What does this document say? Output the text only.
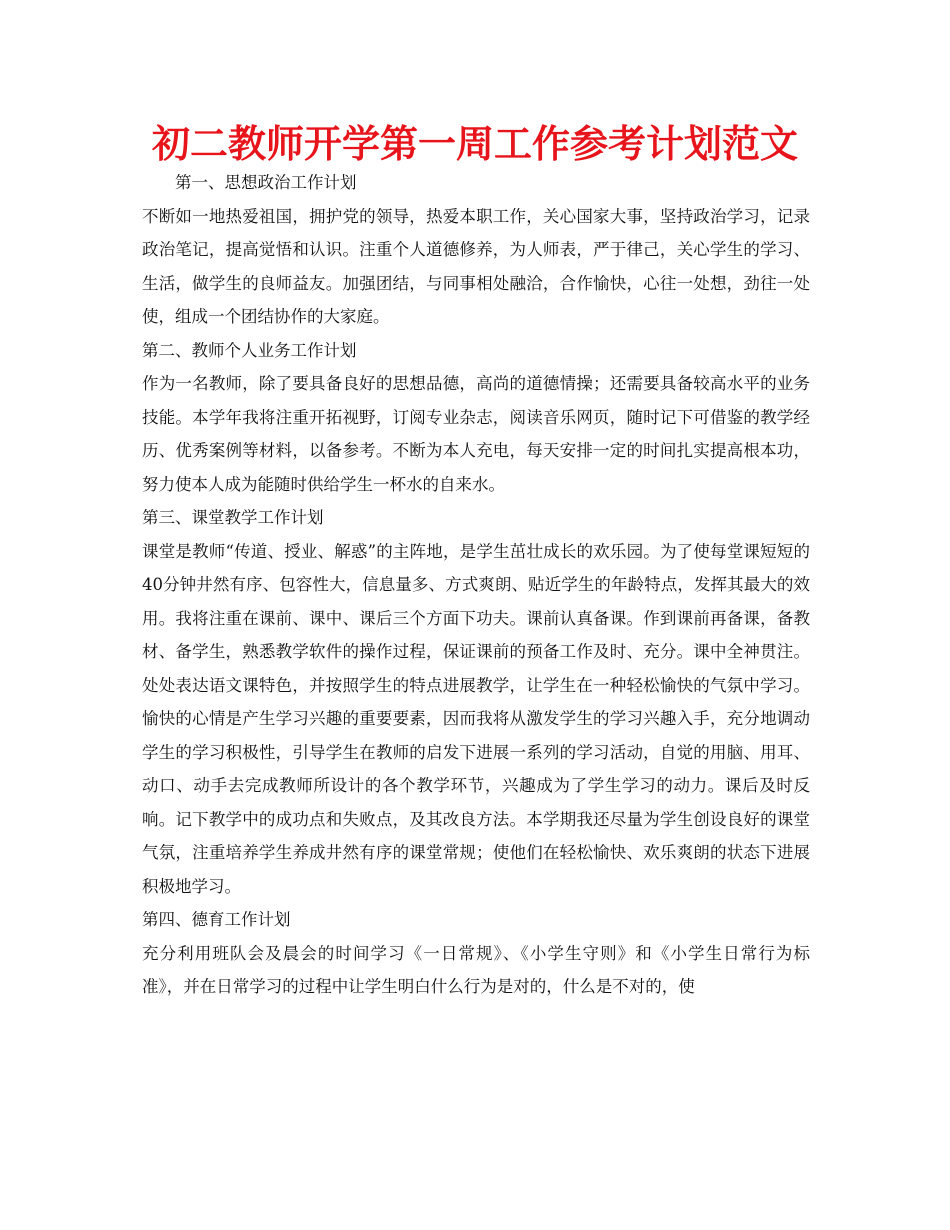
初二教师开学第一周工作参考计划范文

第一、思想政治工作计划

不断如一地热爱祖国，拥护党的领导，热爱本职工作，关心国家大事，坚持政治学习，记录政治笔记，提高觉悟和认识。注重个人道德修养，为人师表，严于律己，关心学生的学习、生活，做学生的良师益友。加强团结，与同事相处融洽，合作愉快，心往一处想，劲往一处使，组成一个团结协作的大家庭。

第二、教师个人业务工作计划

作为一名教师，除了要具备良好的思想品德，高尚的道德情操；还需要具备较高水平的业务技能。本学年我将注重开拓视野，订阅专业杂志，阅读音乐网页，随时记下可借鉴的教学经历、优秀案例等材料，以备参考。不断为本人充电，每天安排一定的时间扎实提高根本功，努力使本人成为能随时供给学生一杯水的自来水。

第三、课堂教学工作计划

课堂是教师“传道、授业、解惑”的主阵地，是学生茁壮成长的欢乐园。为了使每堂课短短的40分钟井然有序、包容性大，信息量多、方式爽朗、贴近学生的年龄特点，发挥其最大的效用。我将注重在课前、课中、课后三个方面下功夫。课前认真备课。作到课前再备课，备教材、备学生，熟悉教学软件的操作过程，保证课前的预备工作及时、充分。课中全神贯注。处处表达语文课特色，并按照学生的特点进展教学，让学生在一种轻松愉快的气氛中学习。愉快的心情是产生学习兴趣的重要要素，因而我将从激发学生的学习兴趣入手，充分地调动学生的学习积极性，引导学生在教师的启发下进展一系列的学习活动，自觉的用脑、用耳、动口、动手去完成教师所设计的各个教学环节，兴趣成为了学生学习的动力。课后及时反响。记下教学中的成功点和失败点，及其改良方法。本学期我还尽量为学生创设良好的课堂气氛，注重培养学生养成井然有序的课堂常规；使他们在轻松愉快、欢乐爽朗的状态下进展积极地学习。

第四、德育工作计划

充分利用班队会及晨会的时间学习《一日常规》、《小学生守则》和《小学生日常行为标准》，并在日常学习的过程中让学生明白什么行为是对的，什么是不对的，使
